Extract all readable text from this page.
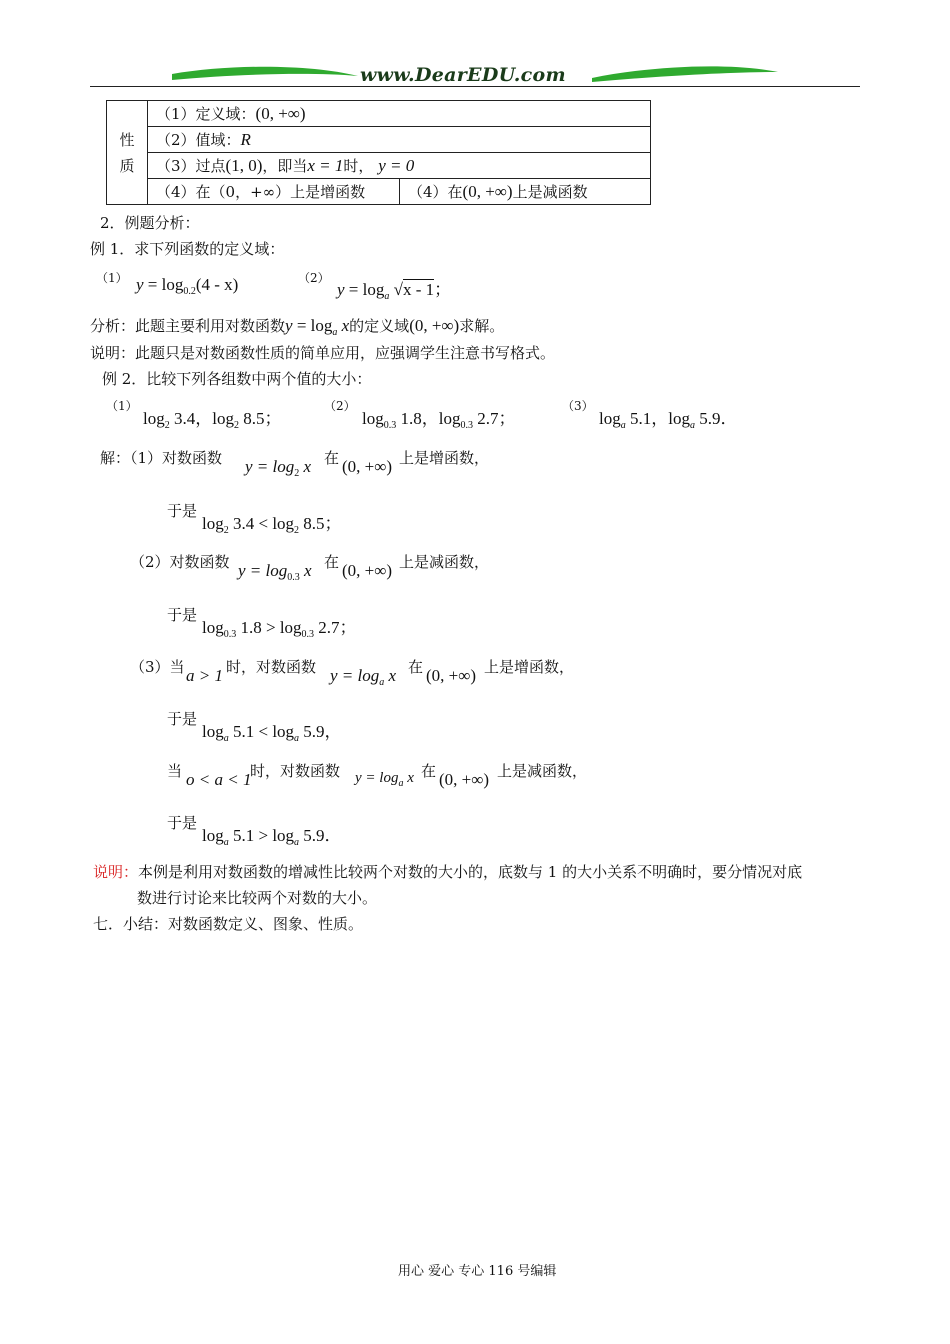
www.DearEDU.com
性
质	（1）定义域：(0, +∞)	
	（2）值域：R	
	（3）过点(1, 0)，即当x = 1时， y = 0	
	（4）在（0，+∞）上是增函数	（4）在(0, +∞)上是减函数
2．例题分析：
例 1．求下列函数的定义域：
（1） $y = \log_{0.2}(4 - x)$	（2）
$y = \log_a √x - 1$；
分析：此题主要利用对数函数$y = \log_a x$的定义域(0, +∞)求解。
说明：此题只是对数函数性质的简单应用，应强调学生注意书写格式。
例 2．比较下列各组数中两个值的大小：
（1）
$\log_2 3.4$，$\log_2 8.5$；
（2）
$\log_{0.3} 1.8$，$\log_{0.3} 2.7$；
（3）
$\log_a 5.1$，$\log_a 5.9$．
解：（1）对数函数 $y = \log_2 x$ 在 (0, +∞) 上是增函数，
于是
$\log_2 3.4 < \log_2 8.5$；
（2）对数函数 $y = \log_{0.3} x$ 在 (0, +∞) 上是减函数，
于是
$\log_{0.3} 1.8 > \log_{0.3} 2.7$；
（3）当 a > 1 时，对数函数 $y = \log_a x$ 在 (0, +∞) 上是增函数，
于是
$\log_a 5.1 < \log_a 5.9$，
当 o < a < 1
时，对数函数 $y = \log_a x$ 在 (0, +∞) 上是减函数，
于是
$\log_a 5.1 > \log_a 5.9$．
说明：本例是利用对数函数的增减性比较两个对数的大小的，底数与 1 的大小关系不明确时，要分情况对底
数进行讨论来比较两个对数的大小。
七．小结：对数函数定义、图象、性质。
用心 爱心 专心 116 号编辑
